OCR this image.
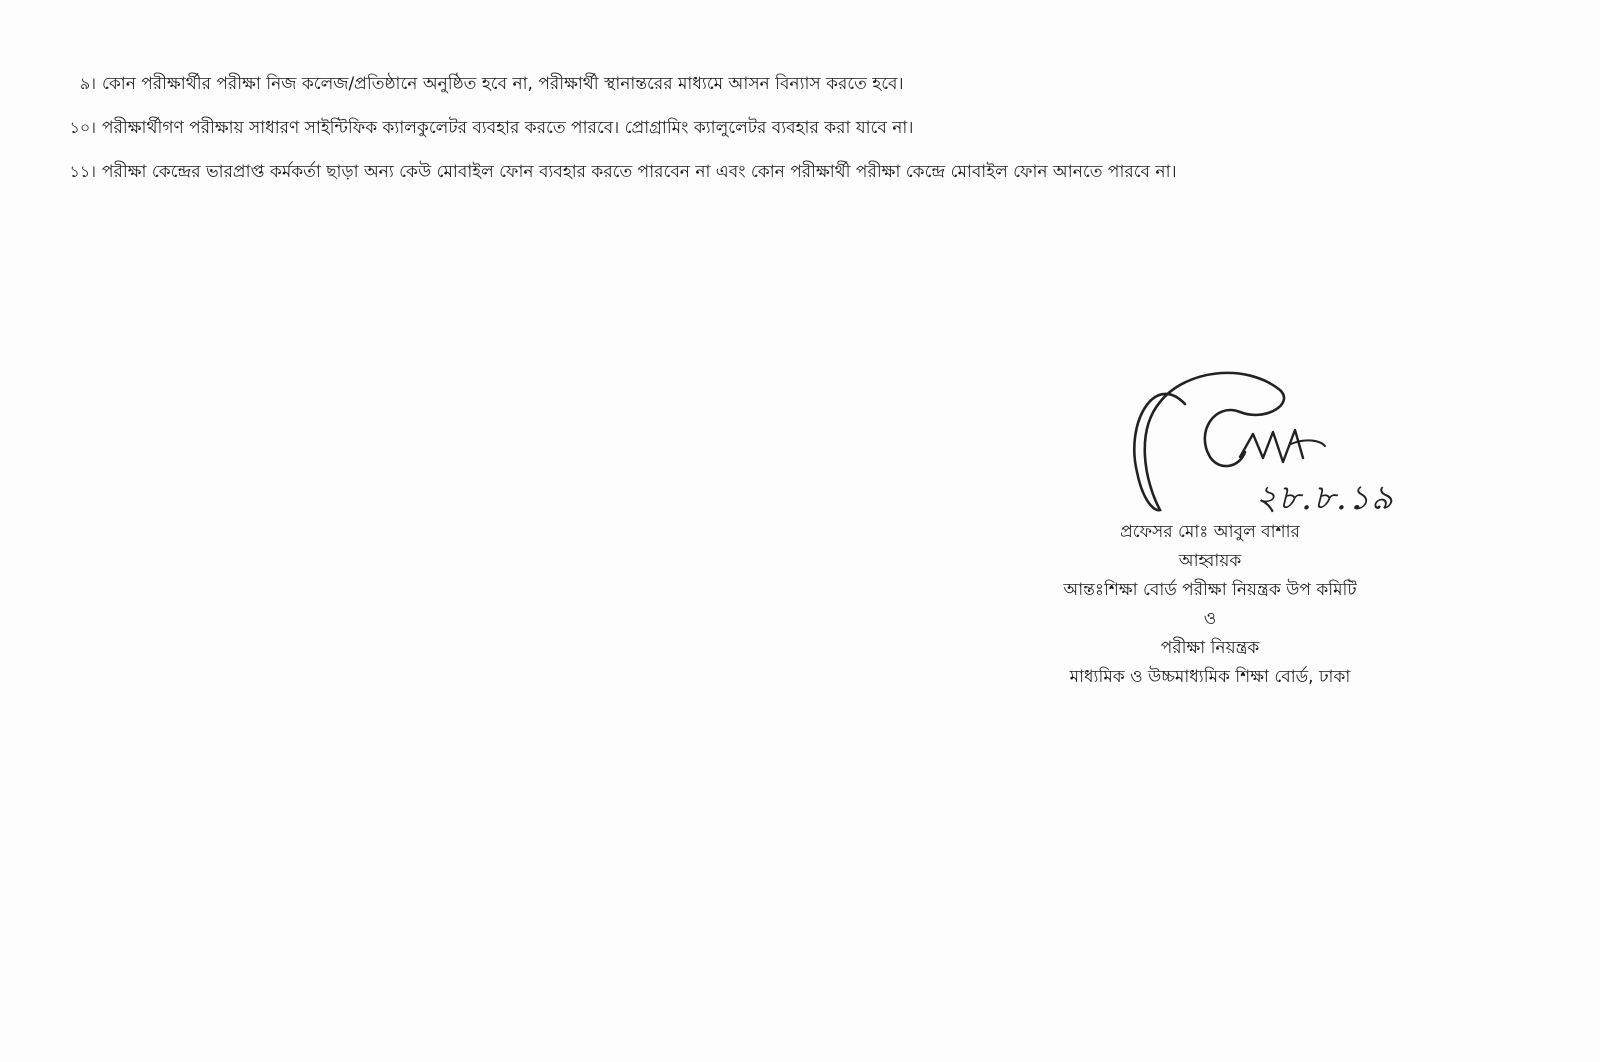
৯। কোন পরীক্ষার্থীর পরীক্ষা নিজ কলেজ/প্রতিষ্ঠানে অনুষ্ঠিত হবে না, পরীক্ষার্থী স্থানান্তরের মাধ্যমে আসন বিন্যাস করতে হবে।
১০। পরীক্ষার্থীগণ পরীক্ষায় সাধারণ সাইন্টিফিক ক্যালকুলেটর ব্যবহার করতে পারবে। প্রোগ্রামিং ক্যালুলেটর ব্যবহার করা যাবে না।
১১। পরীক্ষা কেন্দ্রের ভারপ্রাপ্ত কর্মকর্তা ছাড়া অন্য কেউ মোবাইল ফোন ব্যবহার করতে পারবেন না এবং কোন পরীক্ষার্থী পরীক্ষা কেন্দ্রে মোবাইল ফোন আনতে পারবে না।
২৮.৮.১৯
প্রফেসর মোঃ আবুল বাশার
আহ্বায়ক
আন্তঃশিক্ষা বোর্ড পরীক্ষা নিয়ন্ত্রক উপ কমিটি
ও
পরীক্ষা নিয়ন্ত্রক
মাধ্যমিক ও উচ্চমাধ্যমিক শিক্ষা বোর্ড, ঢাকা
